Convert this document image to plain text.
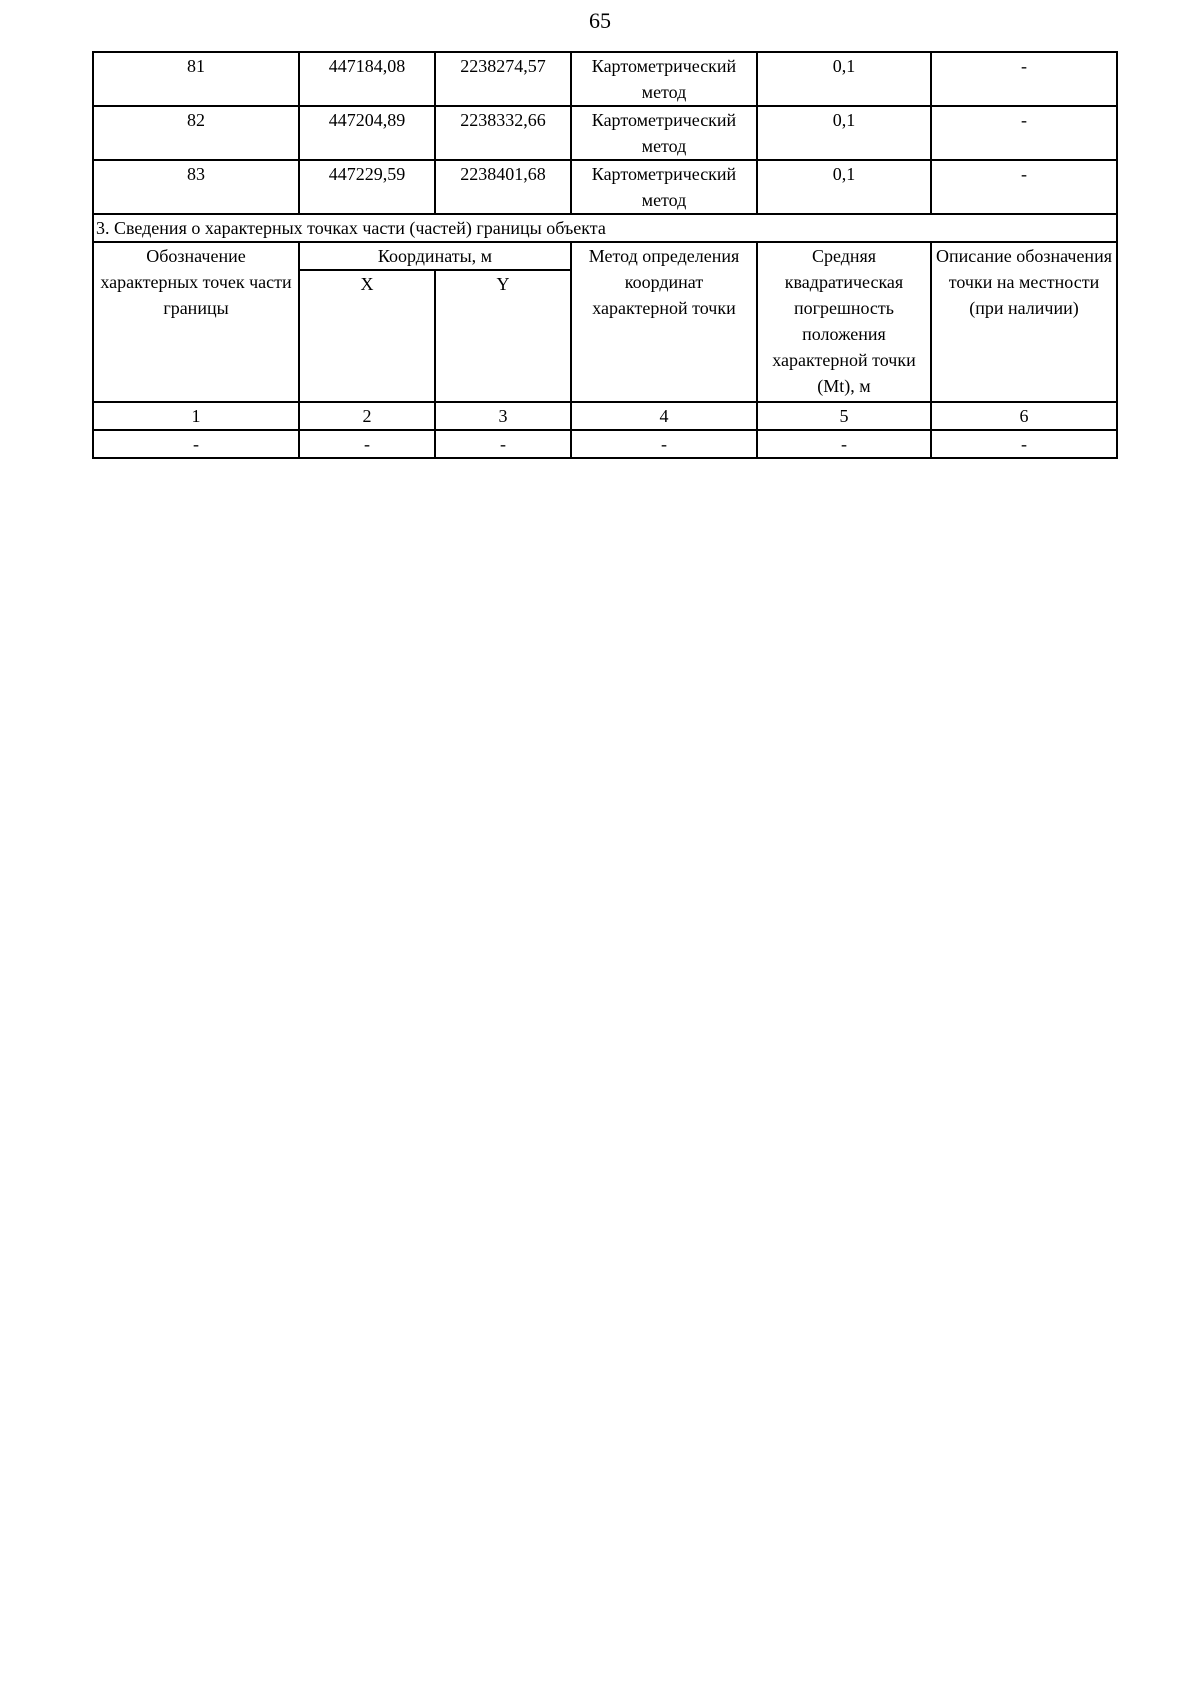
65
81	447184,08	2238274,57	Картометрический метод	0,1	-
82	447204,89	2238332,66	Картометрический метод	0,1	-
83	447229,59	2238401,68	Картометрический метод	0,1	-
3. Сведения о характерных точках части (частей) границы объекта					
Обозначение характерных точек части границы	Координаты, м		Метод определения координат характерной точки	Средняя квадратическая погрешность положения характерной точки (Mt), м	Описание обозначения точки на местности (при наличии)
	X	Y			
1	2	3	4	5	6
-	-	-	-	-	-
